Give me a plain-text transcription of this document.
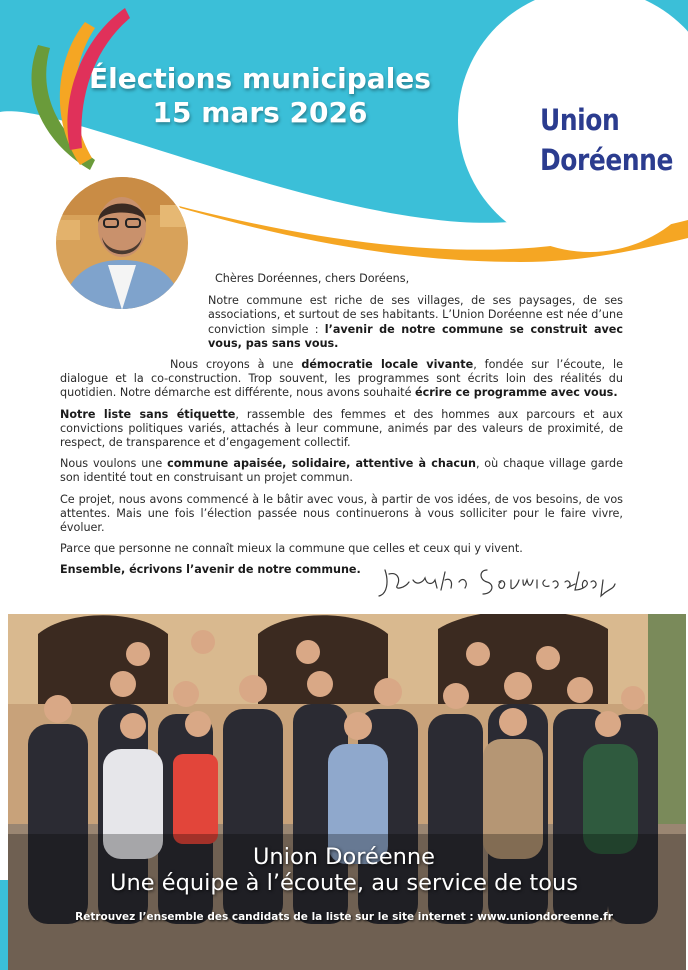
Élections municipales
15 mars 2026	Union
Doréenne

Chères Doréennes, chers Doréens,

Notre commune est riche de ses villages, de ses paysages, de ses associations, et surtout de ses habitants. L’Union Doréenne est née d’une conviction simple : l’avenir de notre commune se construit avec vous, pas sans vous.

Nous croyons à une démocratie locale vivante, fondée sur l’écoute, le dialogue et la co-construction. Trop souvent, les programmes sont écrits loin des réalités du quotidien. Notre démarche est différente, nous avons souhaité écrire ce programme avec vous.

Notre liste sans étiquette, rassemble des femmes et des hommes aux parcours et aux convictions politiques variés, attachés à leur commune, animés par des valeurs de proximité, de respect, de transparence et d’engagement collectif.

Nous voulons une commune apaisée, solidaire, attentive à chacun, où chaque village garde son identité tout en construisant un projet commun.

Ce projet, nous avons commencé à le bâtir avec vous, à partir de vos idées, de vos besoins, de vos attentes. Mais une fois l’élection passée nous continuerons à vous solliciter pour le faire vivre, évoluer.

Parce que personne ne connaît mieux la commune que celles et ceux qui y vivent.

Ensemble, écrivons l’avenir de notre commune.

Union Doréenne
Une équipe à l’écoute, au service de tous
Retrouvez l’ensemble des candidats de la liste sur le site internet : www.uniondoreenne.fr
